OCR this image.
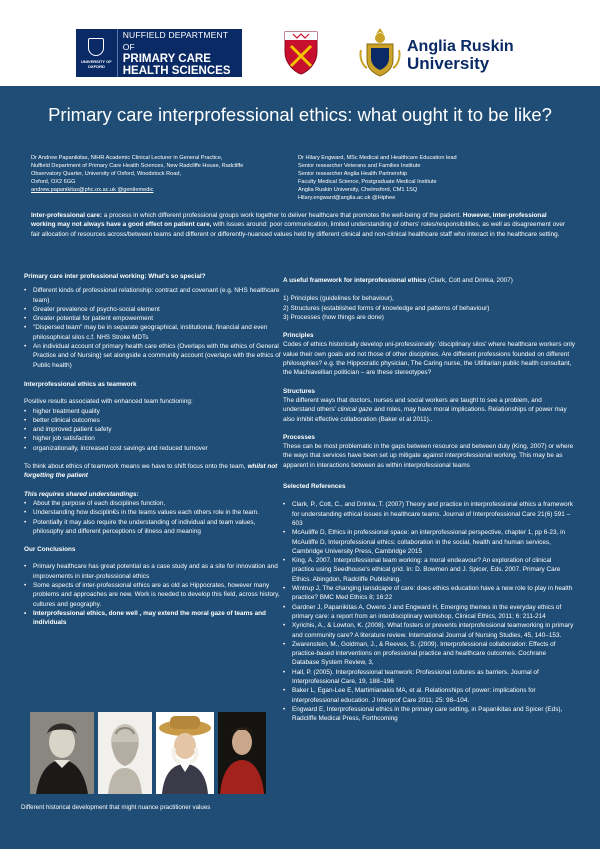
UNIVERSITY OF
OXFORD
NUFFIELD DEPARTMENT OF
PRIMARY CARE
HEALTH SCIENCES
Anglia Ruskin
University
Primary care interprofessional ethics: what ought it to be like?
Dr Andrew Papanikitas, NIHR Academic Clinical Lecturer in General Practice,
Nuffield Department of Primary Care Health Sciences, New Radcliffe House, Radcliffe
Observatory Quarter, University of Oxford, Woodstock Road,
Oxford, OX2 6GG
andrew.papanikitas@phc.ox.ac.uk @gentlemedic
Dr Hilary Engward, MSc Medical and Healthcare Education lead
Senior researcher Veterans and Families Institute
Senior researcher Anglia Health Partnership
Faculty Medical Science, Postgraduate Medical Institute
Anglia Ruskin University, Chelmsford, CM1 1SQ
Hilary.engward@anglia.ac.uk @Hiphee
Inter-professional care: a process in which different professional groups work together to deliver healthcare that promotes the well-being of the patient. However, inter-professional working may not always have a good effect on patient care, with issues around: poor communication, limited understanding of others' roles/responsibilities, as well as disagreement over fair allocation of resources across/between teams and different or differently-nuanced values held by different clinical and non-clinical healthcare staff who interact in the healthcare setting.
Primary care inter professional working: What's so special?
• Different kinds of professional relationship: contract and covenant (e.g. NHS healthcare team)
• Greater prevalence of psycho-social element
• Greater potential for patient empowerment
• "Dispersed team" may be in separate geographical, institutional, financial and even philosophical silos c.f. NHS Stroke MDTs
• An individual account of primary health care ethics (Overlaps with the ethics of General Practice and of Nursing) set alongside a community account (overlaps with the ethics of Public health)
Interprofessional ethics as teamwork

Positive results associated with enhanced team functioning:

• higher treatment quality
• better clinical outcomes
• and improved patient safety
• higher job satisfaction
• organizationally, increased cost savings and reduced turnover

To think about ethics of teamwork means we have to shift focus onto the team, whilst not forgetting the patient

This requires shared understandings:

• About the purpose of each disciplines function,
• Understanding how disciplin€s in the teams values each others role in the team.
• Potentially it may also require the understanding of individual and team values, philosophy and different perceptions of illness and meaning
Our Conclusions
• Primary healthcare has great potential as a case study and as a site for innovation and improvements in inter-professional ethics
• Some aspects of inter-professional ethics are as old as Hippocrates, however many problems and approaches are new. Work is needed to develop this field, across history, cultures and geography.
• Interprofessional ethics, done well , may extend the moral gaze of teams and individuals
Different historical development that might nuance practitioner values

A useful framework for interprofessional ethics (Clark, Cott and Drinka, 2007)

1) Principles (guidelines for behaviour),

2) Structures (established forms of knowledge and patterns of behaviour)

3) Processes (how things are done)

Principles

Codes of ethics historically develop uni-professionally: 'disciplinary silos' where healthcare workers only value their own goals and not those of other disciplines. Are different professions founded on different philosophies? e.g. the Hippocratic physician, The Caring nurse, the Utilitarian public health consultant, the Machiavellian politician – are these stereotypes?

Structures

The different ways that doctors, nurses and social workers are taught to see a problem, and understand others' clinical gaze and roles, may have moral implications. Relationships of power may also inhibit effective collaboration (Baker et al 2011)..

Processes

These can be most problematic in the gaps between resource and between duty (King, 2007) or where the ways that services have been set up mitigate against interprofessional working. This may be as apparent in interactions between as within interprofessional teams

Selected References

• Clark, P., Cott, C., and Drinka, T. (2007) Theory and practice in interprofessional ethics a framework for understanding ethical issues in healthcare teams. Journal of Interprofessional Care 21(6) 591 – 603
• McAuliffe D, Ethics in professional space: an interprofessional perspective, chapter 1, pp 6-23, in McAuliffe D, Interprofessional ethics: collaboration in the social, health and human services, Cambridge University Press, Cambridge 2015
• King, A. 2007. Interprofessional team working: a moral endeavour? An exploration of clinical practice using Seedhouse's ethical grid. In: D. Bowmen and J. Spicer, Eds. 2007. Primary Care Ethics. Abingdon, Radcliffe Publishing.
• Wintrup J, The changing lansdcape of care: does ethics education have a new role to play in health practice? BMC Med Ethics 8; 16:22
• Gardner J, Papanikitas A, Owens J and Engward H, Emerging themes in the everyday ethics of primary care: a report from an interdisciplinary workshop, Clinical Ethics, 2011; 6: 211-214
• Xyrichis, A., & Lowton, K. (2008). What fosters or prevents interprofessional teamworking in primary and community care? A literature review. International Journal of Nursing Studies, 45, 140–153.
• Zwarenstein, M., Goldman, J., & Reeves, S. (2009). Interprofessional collaboration: Effects of practice-based interventions on professional practice and healthcare outcomes. Cochrane Database System Review, 3,
• Hall, P. (2005). Interprofessional teamwork: Professional cultures as barriers. Journal of Interprofessional Care, 19, 188–196
• Baker L, Egan-Lee E, Martimianakis MA, et al. Relationships of power: implications for interprofessional education. J Interprof Care 2011; 25: 98–104.
• Engward E, Interprofessional ethics in the primary care setting, in Papanikitas and Spicer (Eds), Radcliffe Medical Press, Forthcoming
